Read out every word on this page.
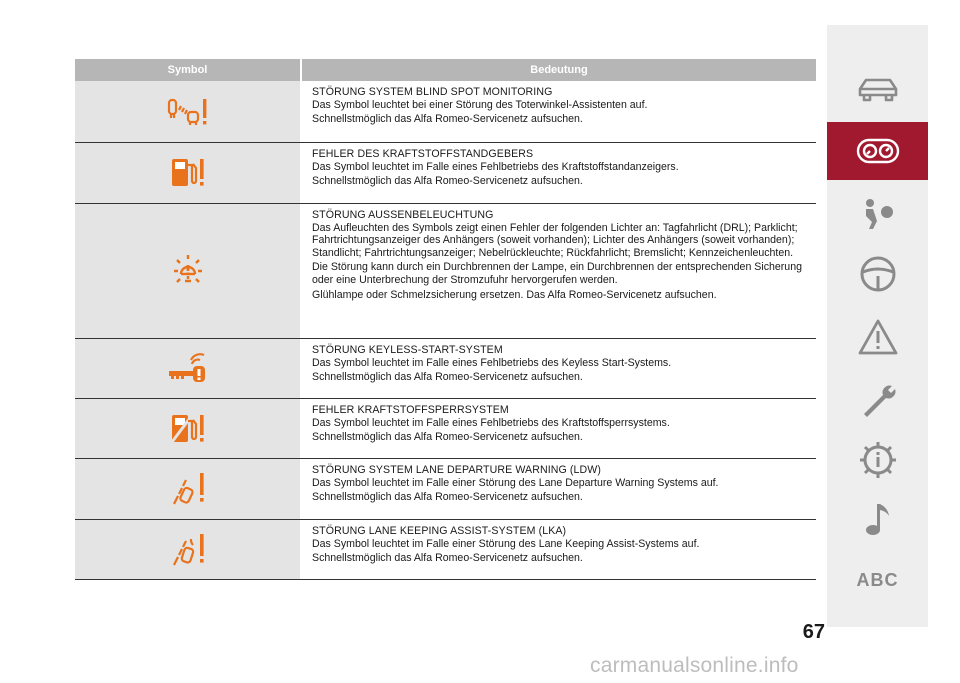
Symbol	Bedeutung
STÖRUNG SYSTEM BLIND SPOT MONITORING
Das Symbol leuchtet bei einer Störung des Toterwinkel-Assistenten auf.
Schnellstmöglich das Alfa Romeo-Servicenetz aufsuchen.
FEHLER DES KRAFTSTOFFSTANDGEBERS
Das Symbol leuchtet im Falle eines Fehlbetriebs des Kraftstoffstandanzeigers.
Schnellstmöglich das Alfa Romeo-Servicenetz aufsuchen.
STÖRUNG AUSSENBELEUCHTUNG
Das Aufleuchten des Symbols zeigt einen Fehler der folgenden Lichter an: Tagfahrlicht (DRL); Parklicht; Fahrtrichtungsanzeiger des Anhängers (soweit vorhanden); Lichter des Anhängers (soweit vorhanden); Standlicht; Fahrtrichtungsanzeiger; Nebelrückleuchte; Rückfahrlicht; Bremslicht; Kennzeichenleuchten.
Die Störung kann durch ein Durchbrennen der Lampe, ein Durchbrennen der entsprechenden Sicherung oder eine Unterbrechung der Stromzufuhr hervorgerufen werden.
Glühlampe oder Schmelzsicherung ersetzen. Das Alfa Romeo-Servicenetz aufsuchen.
STÖRUNG KEYLESS-START-SYSTEM
Das Symbol leuchtet im Falle eines Fehlbetriebs des Keyless Start-Systems.
Schnellstmöglich das Alfa Romeo-Servicenetz aufsuchen.
FEHLER KRAFTSTOFFSPERRSYSTEM
Das Symbol leuchtet im Falle eines Fehlbetriebs des Kraftstoffsperrsystems.
Schnellstmöglich das Alfa Romeo-Servicenetz aufsuchen.
STÖRUNG SYSTEM LANE DEPARTURE WARNING (LDW)
Das Symbol leuchtet im Falle einer Störung des Lane Departure Warning Systems auf.
Schnellstmöglich das Alfa Romeo-Servicenetz aufsuchen.
STÖRUNG LANE KEEPING ASSIST-SYSTEM (LKA)
Das Symbol leuchtet im Falle einer Störung des Lane Keeping Assist-Systems auf.
Schnellstmöglich das Alfa Romeo-Servicenetz aufsuchen.
ABC
67
carmanualsonline.info
